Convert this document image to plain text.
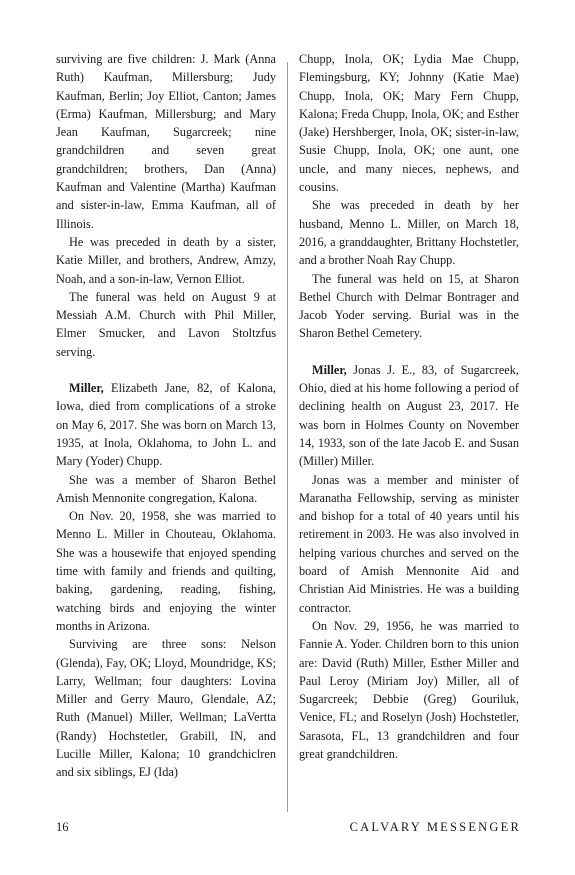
surviving are five children: J. Mark (Anna Ruth) Kaufman, Millersburg; Judy Kaufman, Berlin; Joy Elliot, Canton; James (Erma) Kaufman, Millersburg; and Mary Jean Kaufman, Sugarcreek; nine grandchildren and seven great grandchildren; brothers, Dan (Anna) Kaufman and Valentine (Martha) Kaufman and sister-in-law, Emma Kaufman, all of Illinois.

He was preceded in death by a sister, Katie Miller, and brothers, Andrew, Amzy, Noah, and a son-in-law, Vernon Elliot.

The funeral was held on August 9 at Messiah A.M. Church with Phil Miller, Elmer Smucker, and Lavon Stoltzfus serving.

Miller, Elizabeth Jane, 82, of Kalona, Iowa, died from complications of a stroke on May 6, 2017. She was born on March 13, 1935, at Inola, Oklahoma, to John L. and Mary (Yoder) Chupp.

She was a member of Sharon Bethel Amish Mennonite congregation, Kalona.

On Nov. 20, 1958, she was married to Menno L. Miller in Chouteau, Oklahoma. She was a housewife that enjoyed spending time with family and friends and quilting, baking, gardening, reading, fishing, watching birds and enjoying the winter months in Arizona.

Surviving are three sons: Nelson (Glenda), Fay, OK; Lloyd, Moundridge, KS; Larry, Wellman; four daughters: Lovina Miller and Gerry Mauro, Glendale, AZ; Ruth (Manuel) Miller, Wellman; LaVertta (Randy) Hochstetler, Grabill, IN, and Lucille Miller, Kalona; 10 grandchiclren and six siblings, EJ (Ida)

Chupp, Inola, OK; Lydia Mae Chupp, Flemingsburg, KY; Johnny (Katie Mae) Chupp, Inola, OK; Mary Fern Chupp, Kalona; Freda Chupp, Inola, OK; and Esther (Jake) Hershberger, Inola, OK; sister-in-law, Susie Chupp, Inola, OK; one aunt, one uncle, and many nieces, nephews, and cousins.

She was preceded in death by her husband, Menno L. Miller, on March 18, 2016, a granddaughter, Brittany Hochstetler, and a brother Noah Ray Chupp.

The funeral was held on 15, at Sharon Bethel Church with Delmar Bontrager and Jacob Yoder serving. Burial was in the Sharon Bethel Cemetery.

Miller, Jonas J. E., 83, of Sugarcreek, Ohio, died at his home following a period of declining health on August 23, 2017. He was born in Holmes County on November 14, 1933, son of the late Jacob E. and Susan (Miller) Miller.

Jonas was a member and minister of Maranatha Fellowship, serving as minister and bishop for a total of 40 years until his retirement in 2003. He was also involved in helping various churches and served on the board of Amish Mennonite Aid and Christian Aid Ministries. He was a building contractor.

On Nov. 29, 1956, he was married to Fannie A. Yoder. Children born to this union are: David (Ruth) Miller, Esther Miller and Paul Leroy (Miriam Joy) Miller, all of Sugarcreek; Debbie (Greg) Gouriluk, Venice, FL; and Roselyn (Josh) Hochstetler, Sarasota, FL, 13 grandchildren and four great grandchildren.

16	CALVARY MESSENGER
